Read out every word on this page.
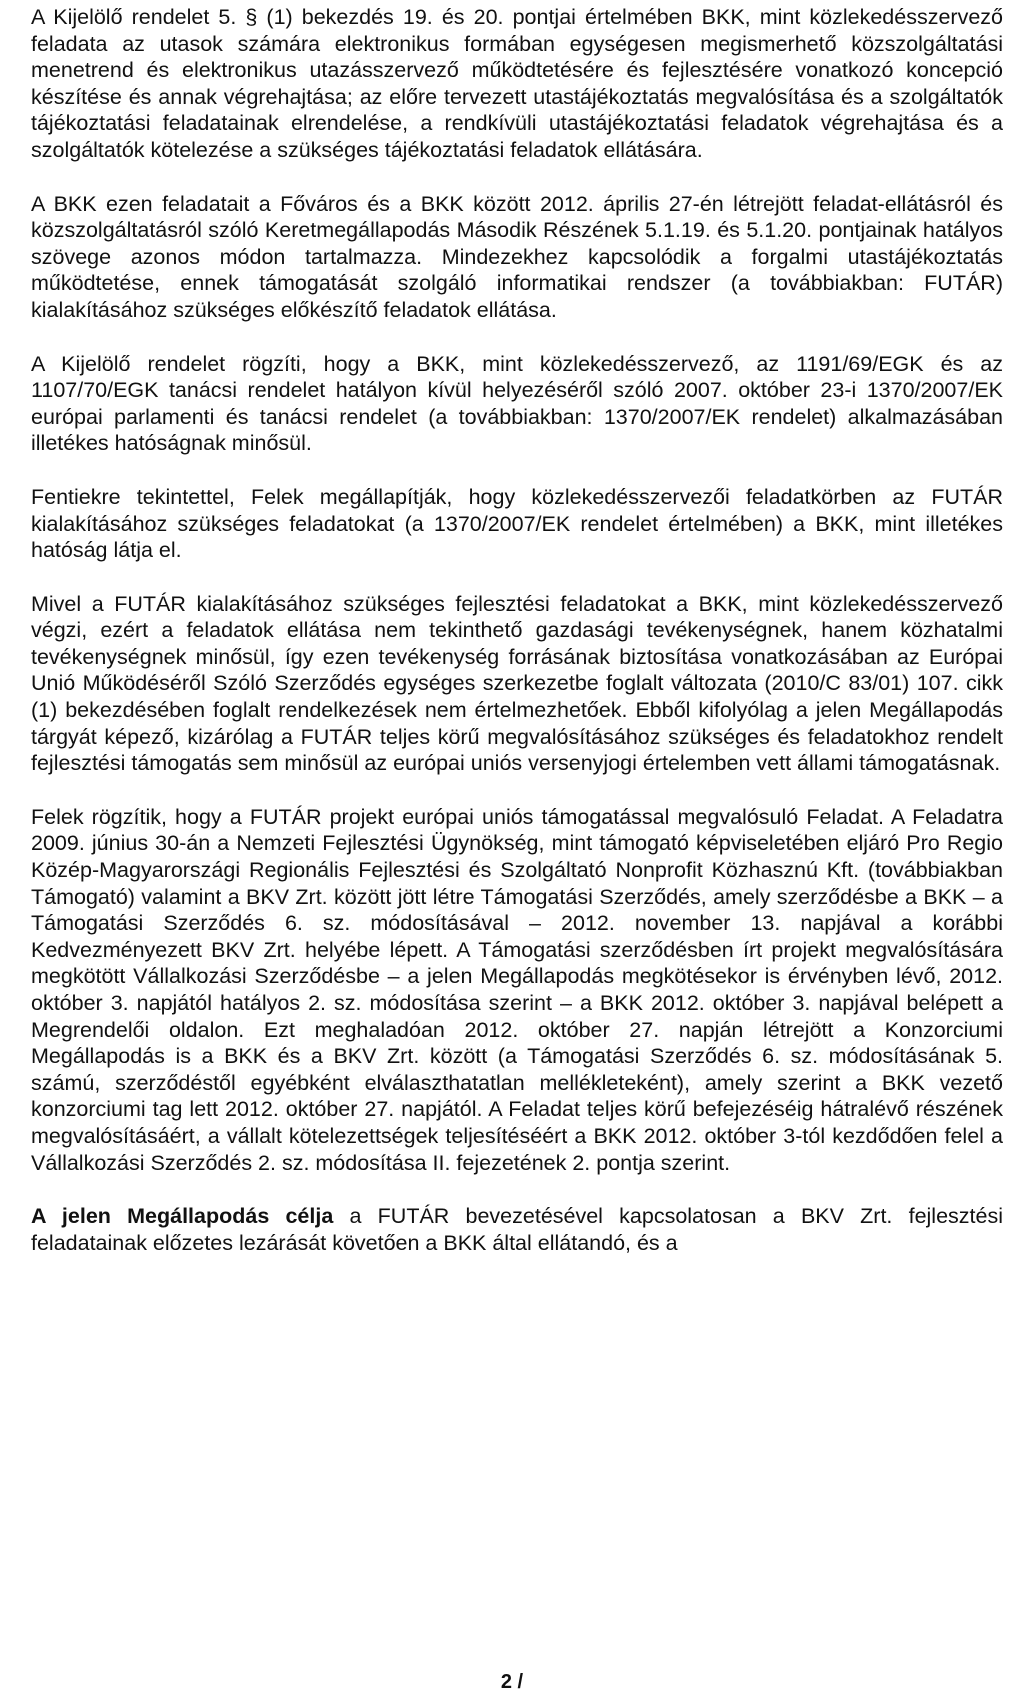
A Kijelölő rendelet 5. § (1) bekezdés 19. és 20. pontjai értelmében BKK, mint közlekedésszervező feladata az utasok számára elektronikus formában egységesen megismerhető közszolgáltatási menetrend és elektronikus utazásszervező működtetésére és fejlesztésére vonatkozó koncepció készítése és annak végrehajtása; az előre tervezett utastájékoztatás megvalósítása és a szolgáltatók tájékoztatási feladatainak elrendelése, a rendkívüli utastájékoztatási feladatok végrehajtása és a szolgáltatók kötelezése a szükséges tájékoztatási feladatok ellátására.

A BKK ezen feladatait a Főváros és a BKK között 2012. április 27-én létrejött feladat-ellátásról és közszolgáltatásról szóló Keretmegállapodás Második Részének 5.1.19. és 5.1.20. pontjainak hatályos szövege azonos módon tartalmazza. Mindezekhez kapcsolódik a forgalmi utastájékoztatás működtetése, ennek támogatását szolgáló informatikai rendszer (a továbbiakban: FUTÁR) kialakításához szükséges előkészítő feladatok ellátása.

A Kijelölő rendelet rögzíti, hogy a BKK, mint közlekedésszervező, az 1191/69/EGK és az 1107/70/EGK tanácsi rendelet hatályon kívül helyezéséről szóló 2007. október 23-i 1370/2007/EK európai parlamenti és tanácsi rendelet (a továbbiakban: 1370/2007/EK rendelet) alkalmazásában illetékes hatóságnak minősül.

Fentiekre tekintettel, Felek megállapítják, hogy közlekedésszervezői feladatkörben az FUTÁR kialakításához szükséges feladatokat (a 1370/2007/EK rendelet értelmében) a BKK, mint illetékes hatóság látja el.

Mivel a FUTÁR kialakításához szükséges fejlesztési feladatokat a BKK, mint közlekedésszervező végzi, ezért a feladatok ellátása nem tekinthető gazdasági tevékenységnek, hanem közhatalmi tevékenységnek minősül, így ezen tevékenység forrásának biztosítása vonatkozásában az Európai Unió Működéséről Szóló Szerződés egységes szerkezetbe foglalt változata (2010/C 83/01) 107. cikk (1) bekezdésében foglalt rendelkezések nem értelmezhetőek. Ebből kifolyólag a jelen Megállapodás tárgyát képező, kizárólag a FUTÁR teljes körű megvalósításához szükséges és feladatokhoz rendelt fejlesztési támogatás sem minősül az európai uniós versenyjogi értelemben vett állami támogatásnak.

Felek rögzítik, hogy a FUTÁR projekt európai uniós támogatással megvalósuló Feladat. A Feladatra 2009. június 30-án a Nemzeti Fejlesztési Ügynökség, mint támogató képviseletében eljáró Pro Regio Közép-Magyarországi Regionális Fejlesztési és Szolgáltató Nonprofit Közhasznú Kft. (továbbiakban Támogató) valamint a BKV Zrt. között jött létre Támogatási Szerződés, amely szerződésbe a BKK – a Támogatási Szerződés 6. sz. módosításával – 2012. november 13. napjával a korábbi Kedvezményezett BKV Zrt. helyébe lépett. A Támogatási szerződésben írt projekt megvalósítására megkötött Vállalkozási Szerződésbe – a jelen Megállapodás megkötésekor is érvényben lévő, 2012. október 3. napjától hatályos 2. sz. módosítása szerint – a BKK 2012. október 3. napjával belépett a Megrendelői oldalon. Ezt meghaladóan 2012. október 27. napján létrejött a Konzorciumi Megállapodás is a BKK és a BKV Zrt. között (a Támogatási Szerződés 6. sz. módosításának 5. számú, szerződéstől egyébként elválaszthatatlan mellékleteként), amely szerint a BKK vezető konzorciumi tag lett 2012. október 27. napjától. A Feladat teljes körű befejezéséig hátralévő részének megvalósításáért, a vállalt kötelezettségek teljesítéséért a BKK 2012. október 3-tól kezdődően felel a Vállalkozási Szerződés 2. sz. módosítása II. fejezetének 2. pontja szerint.

A jelen Megállapodás célja a FUTÁR bevezetésével kapcsolatosan a BKV Zrt. fejlesztési feladatainak előzetes lezárását követően a BKK által ellátandó, és a

2 /
